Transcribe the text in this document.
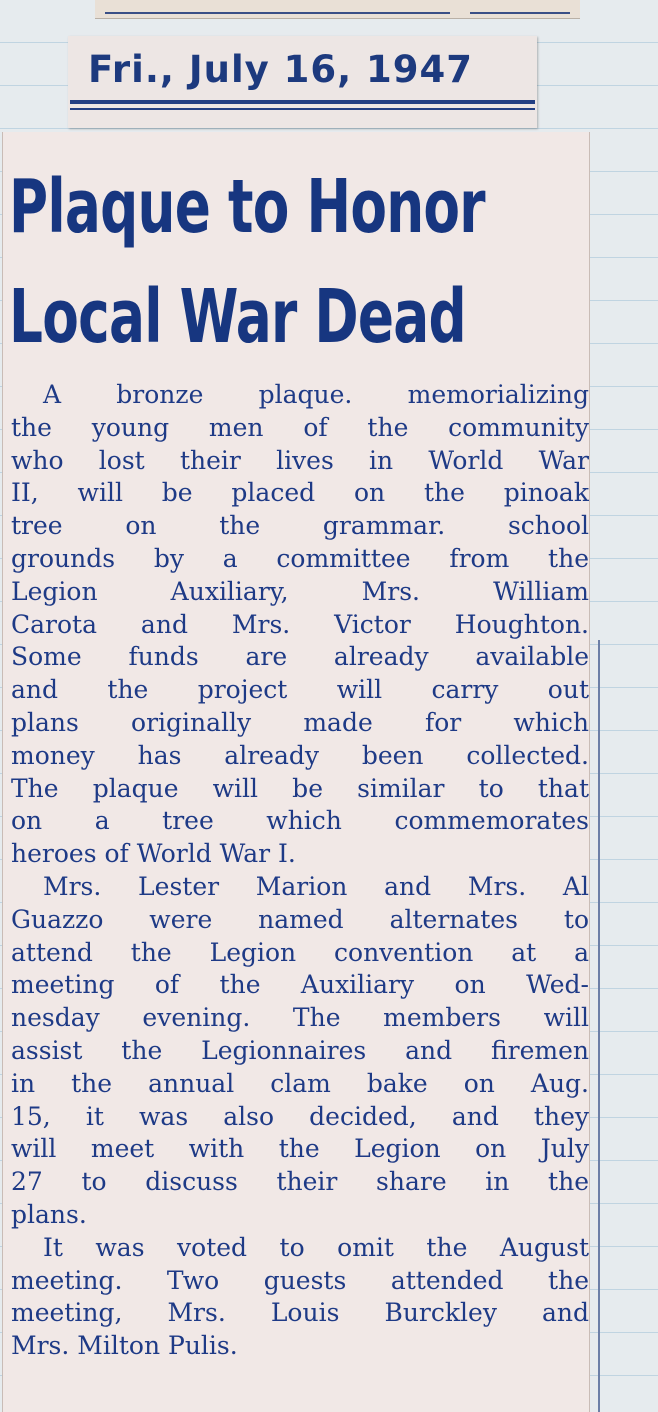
Fri., July 16, 1947
Plaque to Honor
Local War Dead
A bronze plaque. memorializing
the young men of the community
who lost their lives in World War
II, will be placed on the pinoak
tree on the grammar. school
grounds by a committee from the
Legion Auxiliary, Mrs. William
Carota and Mrs. Victor Houghton.
Some funds are already available
and the project will carry out
plans originally made for which
money has already been collected.
The plaque will be similar to that
on a tree which commemorates
heroes of World War I.
Mrs. Lester Marion and Mrs. Al
Guazzo were named alternates to
attend the Legion convention at a
meeting of the Auxiliary on Wed-
nesday evening. The members will
assist the Legionnaires and firemen
in the annual clam bake on Aug.
15, it was also decided, and they
will meet with the Legion on July
27 to discuss their share in the
plans.
It was voted to omit the August
meeting. Two guests attended the
meeting, Mrs. Louis Burckley and
Mrs. Milton Pulis.
